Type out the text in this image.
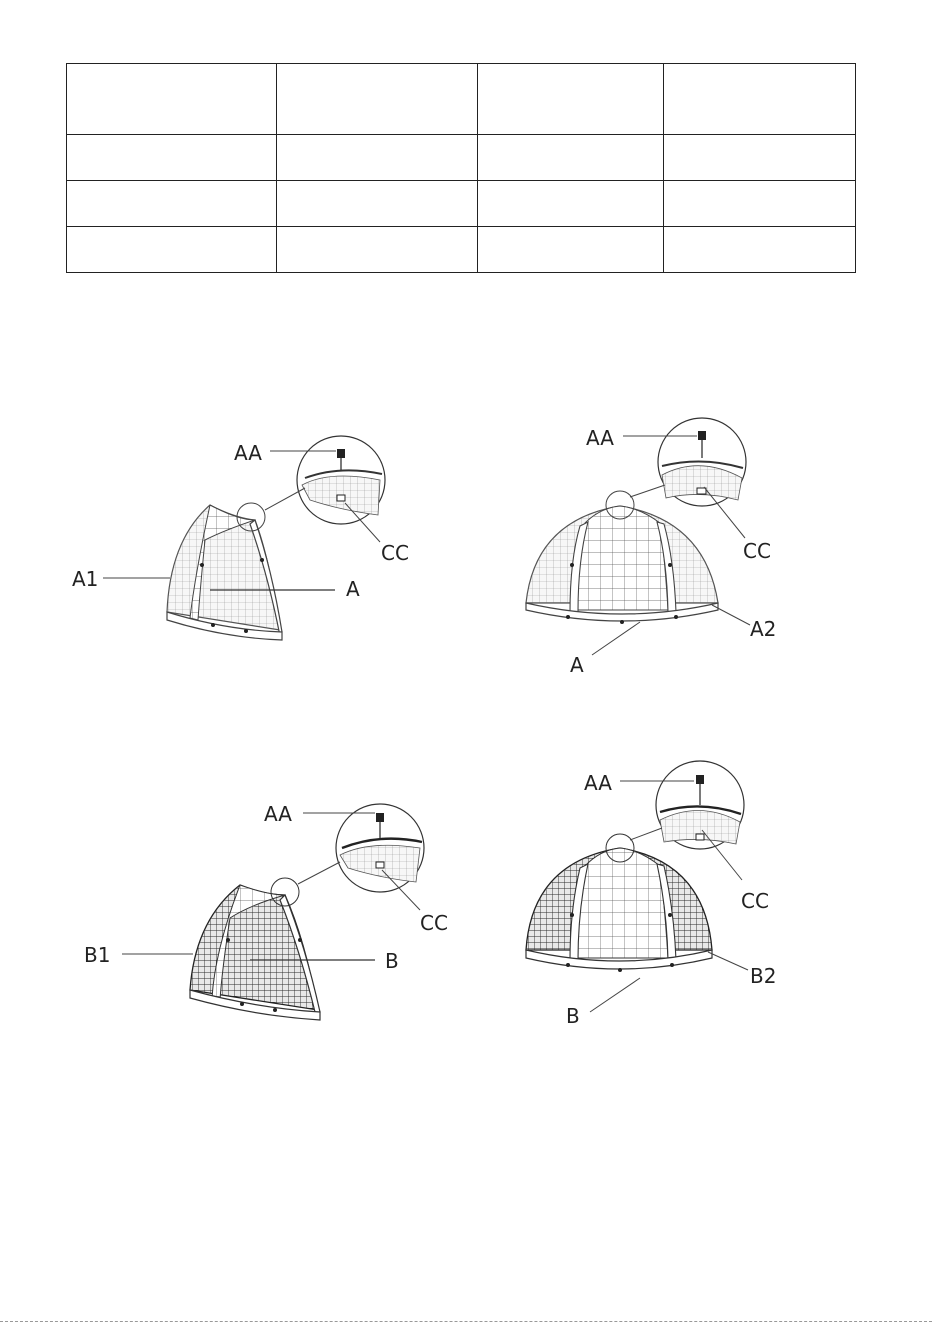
AA
CC
A1	A
AA
CC
A2
A
AA
CC
B1	B
AA
CC
B2
B
